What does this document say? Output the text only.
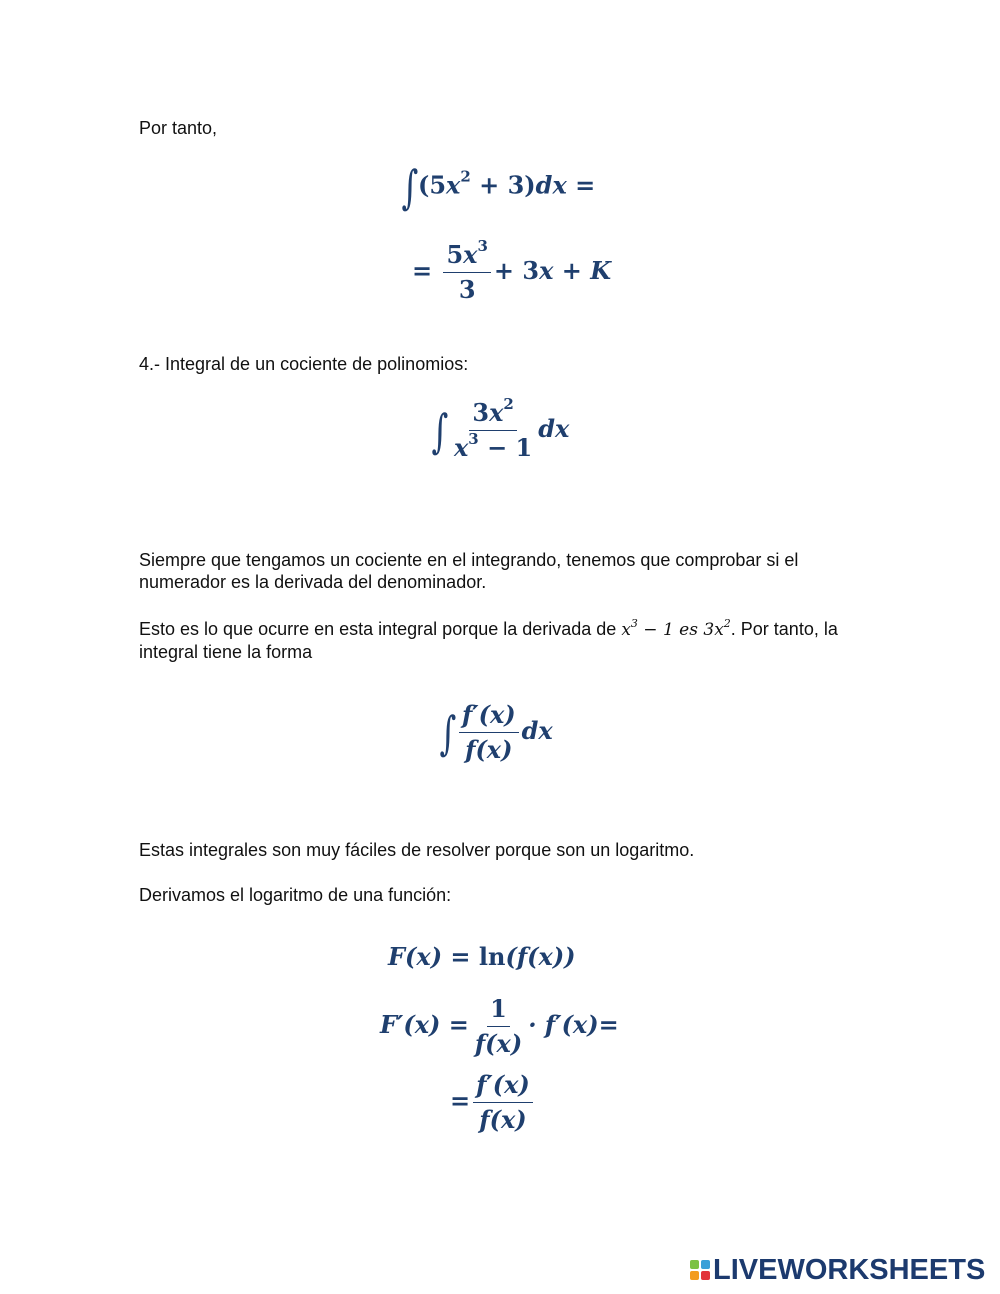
Por tanto,

$\int(5x^2 + 3)dx$ =
= $\frac{5x^3}{3} + 3x + K$

4.- Integral de un cociente de polinomios:

∫ $\frac{3x^2}{x^3 - 1}$ dx

Siempre que tengamos un cociente en el integrando, tenemos que comprobar si el numerador es la derivada del denominador.

Esto es lo que ocurre en esta integral porque la derivada de $x^3 - 1$ es $3x^2$. Por tanto, la integral tiene la forma

∫ $\frac{f'(x)}{f(x)}$ dx

Estas integrales son muy fáciles de resolver porque son un logaritmo.

Derivamos el logaritmo de una función:

F(x) = ln(f(x))
$F'(x) = \frac{1}{f(x)} \cdot f'(x)=$
= $\frac{f'(x)}{f(x)}$
LIVEWORKSHEETS
